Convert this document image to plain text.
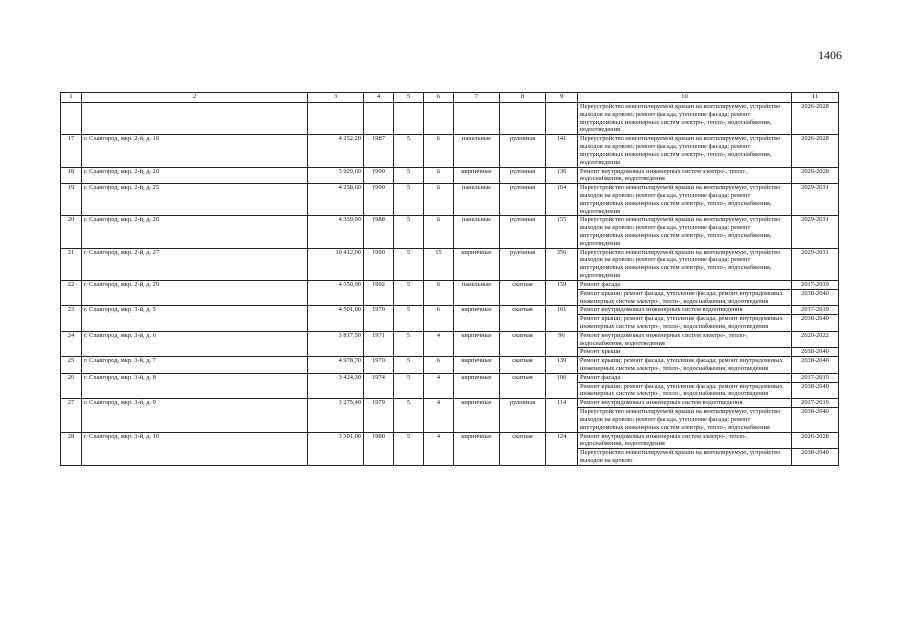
1406
1	2	3	4	5	6	7	8	9	10	11
									Переустройство невентилируемой крыши на вентилируемую, устройство выходов на кровлю; ремонт фасада, утепление фасада; ремонт внутридомовых инженерных систем электро-, тепло-, водоснабжения, водоотведения	2026-2028
17	г. Славгород, мкр. 2-й, д. 19	4 252,20	1987	5	6	панельные	рулонная	141	Переустройство невентилируемой крыши на вентилируемую, устройство выходов на кровлю; ремонт фасада, утепление фасада; ремонт внутридомовых инженерных систем электро-, тепло-, водоснабжения, водоотведения	2026-2028
18	г. Славгород, мкр. 2-й, д. 20	3 929,60	1990	5	6	кирпичные	рулонная	136	Ремонт внутридомовых инженерных систем электро-, тепло-, водоснабжения, водоотведения	2026-2028
19	г. Славгород, мкр. 2-й, д. 25	4 258,60	1990	5	6	панельные	рулонная	164	Переустройство невентилируемой крыши на вентилируемую, устройство выходов на кровлю; ремонт фасада, утепление фасада; ремонт внутридомовых инженерных систем электро-, тепло-, водоснабжения, водоотведения	2029-2031
20	г. Славгород, мкр. 2-й, д. 26	4 339,00	1988	5	6	панельные	рулонная	155	Переустройство невентилируемой крыши на вентилируемую, устройство выходов на кровлю; ремонт фасада, утепление фасада; ремонт внутридомовых инженерных систем электро-, тепло-, водоснабжения, водоотведения	2029-2031
21	г. Славгород, мкр. 2-й, д. 27	10 412,00	1990	5	15	кирпичные	рулонная	356	Переустройство невентилируемой крыши на вентилируемую, устройство выходов на кровлю; ремонт фасада, утепление фасада; ремонт внутридомовых инженерных систем электро-, тепло-, водоснабжения, водоотведения	2029-2031
22	г. Славгород, мкр. 2-й, д. 29	4 350,90	1992	5	6	панельные	скатная	159	Ремонт фасада	2017-2019
									Ремонт крыши; ремонт фасада, утепление фасада; ремонт внутридомовых инженерных систем электро-, тепло-, водоснабжения, водоотведения	2038-2040
23	г. Славгород, мкр. 3-й, д. 5	4 501,00	1970	5	6	кирпичные	скатная	161	Ремонт внутридомовых инженерных систем водоотведения	2017-2019
									Ремонт крыши; ремонт фасада, утепление фасада; ремонт внутридомовых инженерных систем электро-, тепло-, водоснабжения, водоотведения	2038-2040
24	г. Славгород, мкр. 3-й, д. 6	3 817,50	1971	5	4	кирпичные	скатная	96	Ремонт внутридомовых инженерных систем электро-, тепло-, водоснабжения, водоотведения	2020-2022
									Ремонт крыши	2038-2040
25	г. Славгород, мкр. 3-й, д. 7	4 978,70	1970	5	6	кирпичные	скатная	139	Ремонт крыши; ремонт фасада, утепление фасада; ремонт внутридомовых инженерных систем электро-, тепло-, водоснабжения, водоотведения	2038-2040
26	г. Славгород, мкр. 3-й, д. 8	3 424,30	1974	5	4	кирпичные	скатная	106	Ремонт фасада	2017-2019
									Ремонт крыши; ремонт фасада, утепление фасада; ремонт внутридомовых инженерных систем электро-, тепло-, водоснабжения, водоотведения	2038-2040
27	г. Славгород, мкр. 3-й, д. 9	3 275,40	1979	5	4	кирпичные	рулонная	114	Ремонт внутридомовых инженерных систем водоотведения	2017-2019
									Переустройство невентилируемой крыши на вентилируемую, устройство выходов на кровлю; ремонт фасада, утепление фасада; ремонт внутридомовых инженерных систем электро-, тепло-, водоснабжения	2038-2040
28	г. Славгород, мкр. 3-й, д. 10	3 301,00	1980	5	4	кирпичные	скатная	124	Ремонт внутридомовых инженерных систем электро-, тепло-, водоснабжения, водоотведения	2026-2028
									Переустройство невентилируемой крыши на вентилируемую, устройство выходов на кровлю	2038-2040
